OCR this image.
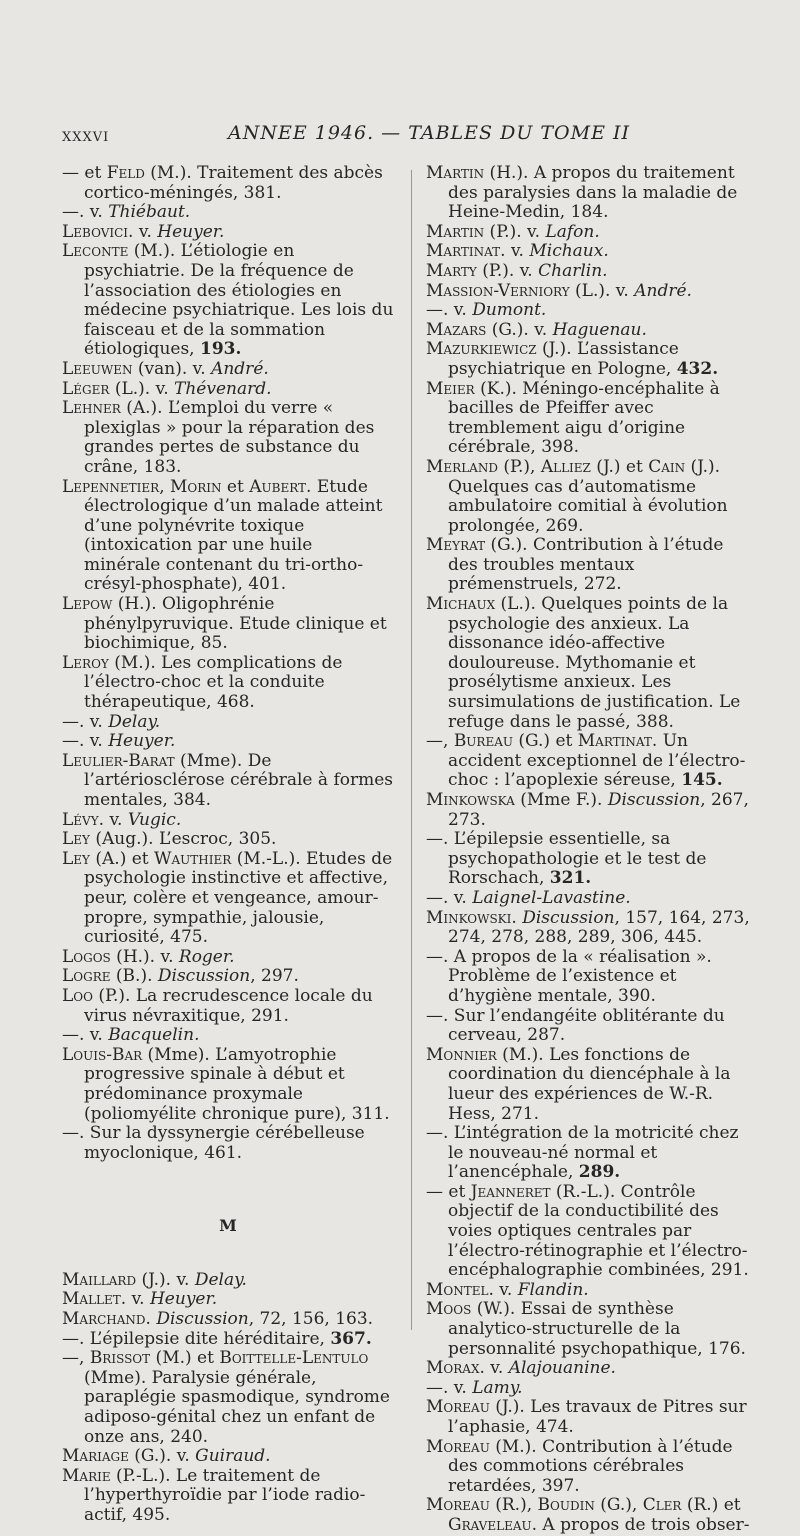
XXXVI	ANNEE 1946. — TABLES DU TOME II

— et Feld (M.). Traitement des abcès cortico-méningés, 381.

—. v. Thiébaut.

Lebovici. v. Heuyer.

Leconte (M.). L’étiologie en psychiatrie. De la fréquence de l’association des étiologies en médecine psychiatrique. Les lois du faisceau et de la sommation étiologiques, 193.

Leeuwen (van). v. André.

Léger (L.). v. Thévenard.

Lehner (A.). L’emploi du verre « plexiglas » pour la réparation des grandes pertes de substance du crâne, 183.

Lepennetier, Morin et Aubert. Etude électrologique d’un malade atteint d’une polynévrite toxique (intoxication par une huile minérale contenant du tri-ortho-crésyl-phosphate), 401.

Lepow (H.). Oligophrénie phénylpyruvique. Etude clinique et biochimique, 85.

Leroy (M.). Les complications de l’électro-choc et la conduite thérapeutique, 468.

—. v. Delay.

—. v. Heuyer.

Leulier-Barat (Mme). De l’artériosclérose cérébrale à formes mentales, 384.

Lévy. v. Vugic.

Ley (Aug.). L’escroc, 305.

Ley (A.) et Wauthier (M.-L.). Etudes de psychologie instinctive et affective, peur, colère et vengeance, amour-propre, sympathie, jalousie, curiosité, 475.

Logos (H.). v. Roger.

Logre (B.). Discussion, 297.

Loo (P.). La recrudescence locale du virus névraxitique, 291.

—. v. Bacquelin.

Louis-Bar (Mme). L’amyotrophie progressive spinale à début et prédominance proxymale (poliomyélite chronique pure), 311.

—. Sur la dyssynergie cérébelleuse myoclonique, 461.

M

Maillard (J.). v. Delay.

Mallet. v. Heuyer.

Marchand. Discussion, 72, 156, 163.

—. L’épilepsie dite héréditaire, 367.

—, Brissot (M.) et Boittelle-Lentulo (Mme). Paralysie générale, paraplégie spasmodique, syndrome adiposo-génital chez un enfant de onze ans, 240.

Mariage (G.). v. Guiraud.

Marie (P.-L.). Le traitement de l’hyperthyroïdie par l’iode radio-actif, 495.

Martin (H.). A propos du traitement des paralysies dans la maladie de Heine-Medin, 184.

Martin (P.). v. Lafon.

Martinat. v. Michaux.

Marty (P.). v. Charlin.

Massion-Verniory (L.). v. André.

—. v. Dumont.

Mazars (G.). v. Haguenau.

Mazurkiewicz (J.). L’assistance psychiatrique en Pologne, 432.

Meier (K.). Méningo-encéphalite à bacilles de Pfeiffer avec tremblement aigu d’origine cérébrale, 398.

Merland (P.), Alliez (J.) et Cain (J.). Quelques cas d’automatisme ambulatoire comitial à évolution prolongée, 269.

Meyrat (G.). Contribution à l’étude des troubles mentaux prémenstruels, 272.

Michaux (L.). Quelques points de la psychologie des anxieux. La dissonance idéo-affective douloureuse. Mythomanie et prosélytisme anxieux. Les sursimulations de justification. Le refuge dans le passé, 388.

—, Bureau (G.) et Martinat. Un accident exceptionnel de l’électro-choc : l’apoplexie séreuse, 145.

Minkowska (Mme F.). Discussion, 267, 273.

—. L’épilepsie essentielle, sa psychopathologie et le test de Rorschach, 321.

—. v. Laignel-Lavastine.

Minkowski. Discussion, 157, 164, 273, 274, 278, 288, 289, 306, 445.

—. A propos de la « réalisation ». Problème de l’existence et d’hygiène mentale, 390.

—. Sur l’endangéite oblitérante du cerveau, 287.

Monnier (M.). Les fonctions de coordination du diencéphale à la lueur des expériences de W.-R. Hess, 271.

—. L’intégration de la motricité chez le nouveau-né normal et l’anencéphale, 289.

— et Jeanneret (R.-L.). Contrôle objectif de la conductibilité des voies optiques centrales par l’électro-rétinographie et l’électro-encéphalographie combinées, 291.

Montel. v. Flandin.

Moos (W.). Essai de synthèse analytico-structurelle de la personnalité psychopathique, 176.

Morax. v. Alajouanine.

—. v. Lamy.

Moreau (J.). Les travaux de Pitres sur l’aphasie, 474.

Moreau (M.). Contribution à l’étude des commotions cérébrales retardées, 397.

Moreau (R.), Boudin (G.), Cler (R.) et Graveleau. A propos de trois obser-
